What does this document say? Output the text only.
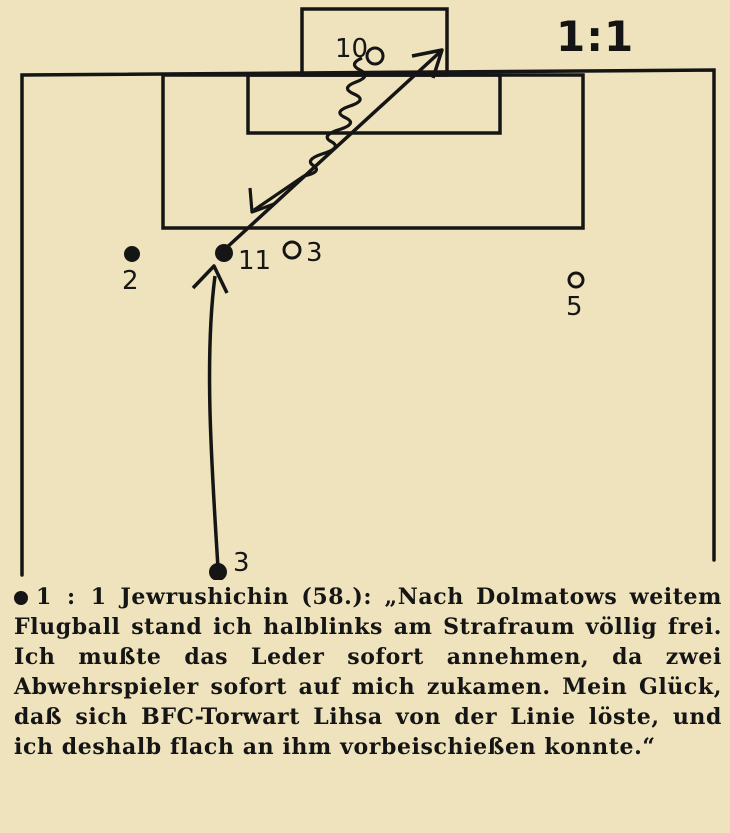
1:1
10
11 3
2
5
3

1 : 1 Jewrushichin (58.): „Nach Dolmatows weitem Flugball stand ich halblinks am Strafraum völlig frei. Ich mußte das Leder sofort annehmen, da zwei Abwehrspieler sofort auf mich zukamen. Mein Glück, daß sich BFC-Torwart Lihsa von der Linie löste, und ich deshalb flach an ihm vorbeischießen konnte.“
